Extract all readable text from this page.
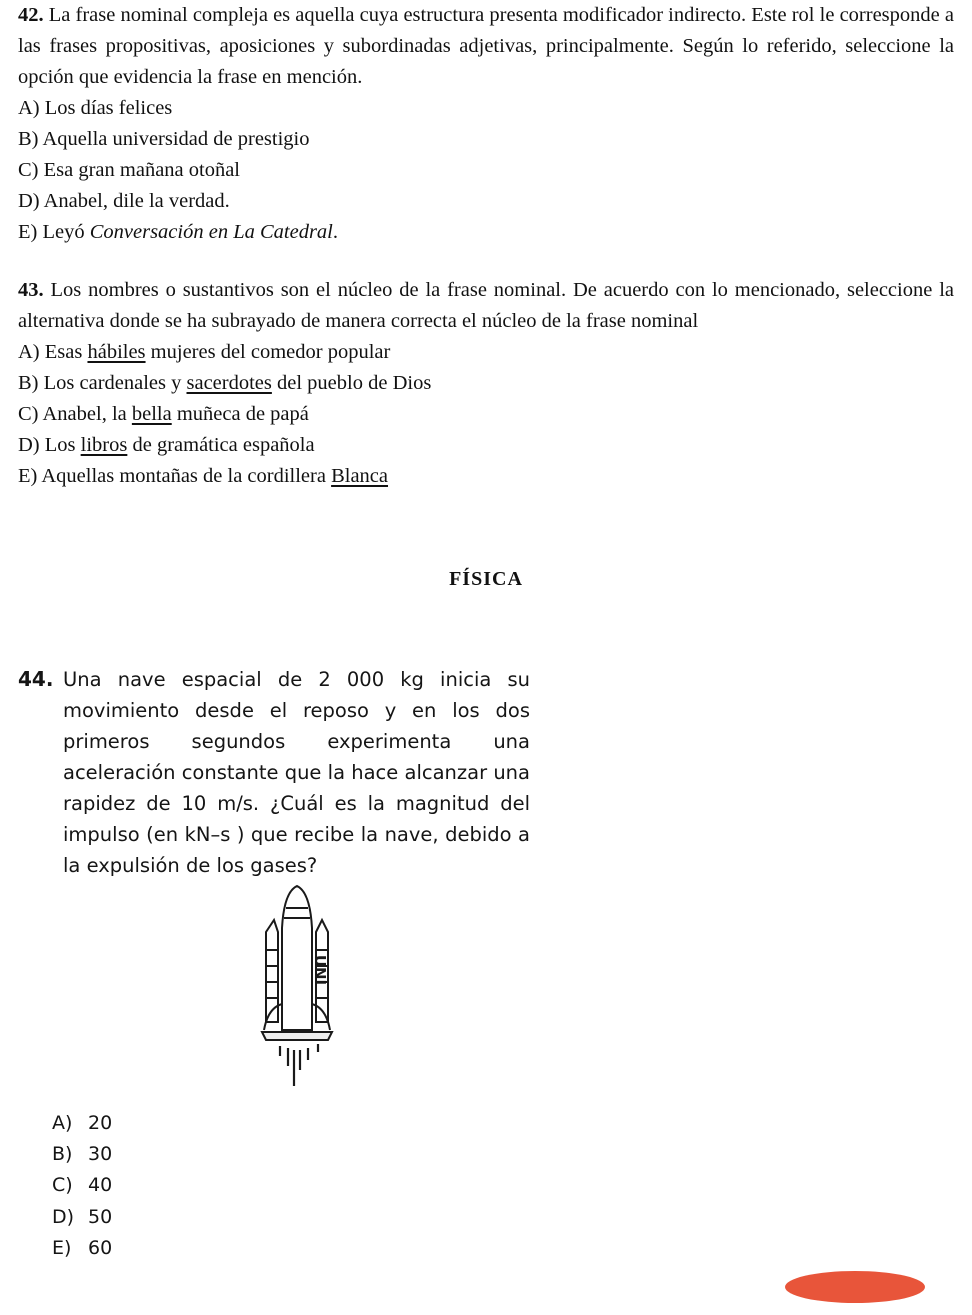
42. La frase nominal compleja es aquella cuya estructura presenta modificador indirecto. Este rol le corresponde a las frases propositivas, aposiciones y subordinadas adjetivas, principalmente. Según lo referido, seleccione la opción que evidencia la frase en mención.

A) Los días felices

B) Aquella universidad de prestigio

C) Esa gran mañana otoñal

D) Anabel, dile la verdad.

E) Leyó Conversación en La Catedral.

43. Los nombres o sustantivos son el núcleo de la frase nominal. De acuerdo con lo mencionado, seleccione la alternativa donde se ha subrayado de manera correcta el núcleo de la frase nominal

A) Esas hábiles mujeres del comedor popular

B) Los cardenales y sacerdotes del pueblo de Dios

C) Anabel, la bella muñeca de papá

D) Los libros de gramática española

E) Aquellas montañas de la cordillera Blanca

FÍSICA
44. Una nave espacial de 2 000 kg inicia su movimiento desde el reposo y en los dos primeros segundos experimenta una aceleración constante que la hace alcanzar una rapidez de 10 m/s. ¿Cuál es la magnitud del impulso (en kN–s ) que recibe la nave, debido a la expulsión de los gases?
UNI
A) 20
B) 30
C) 40
D) 50
E) 60
